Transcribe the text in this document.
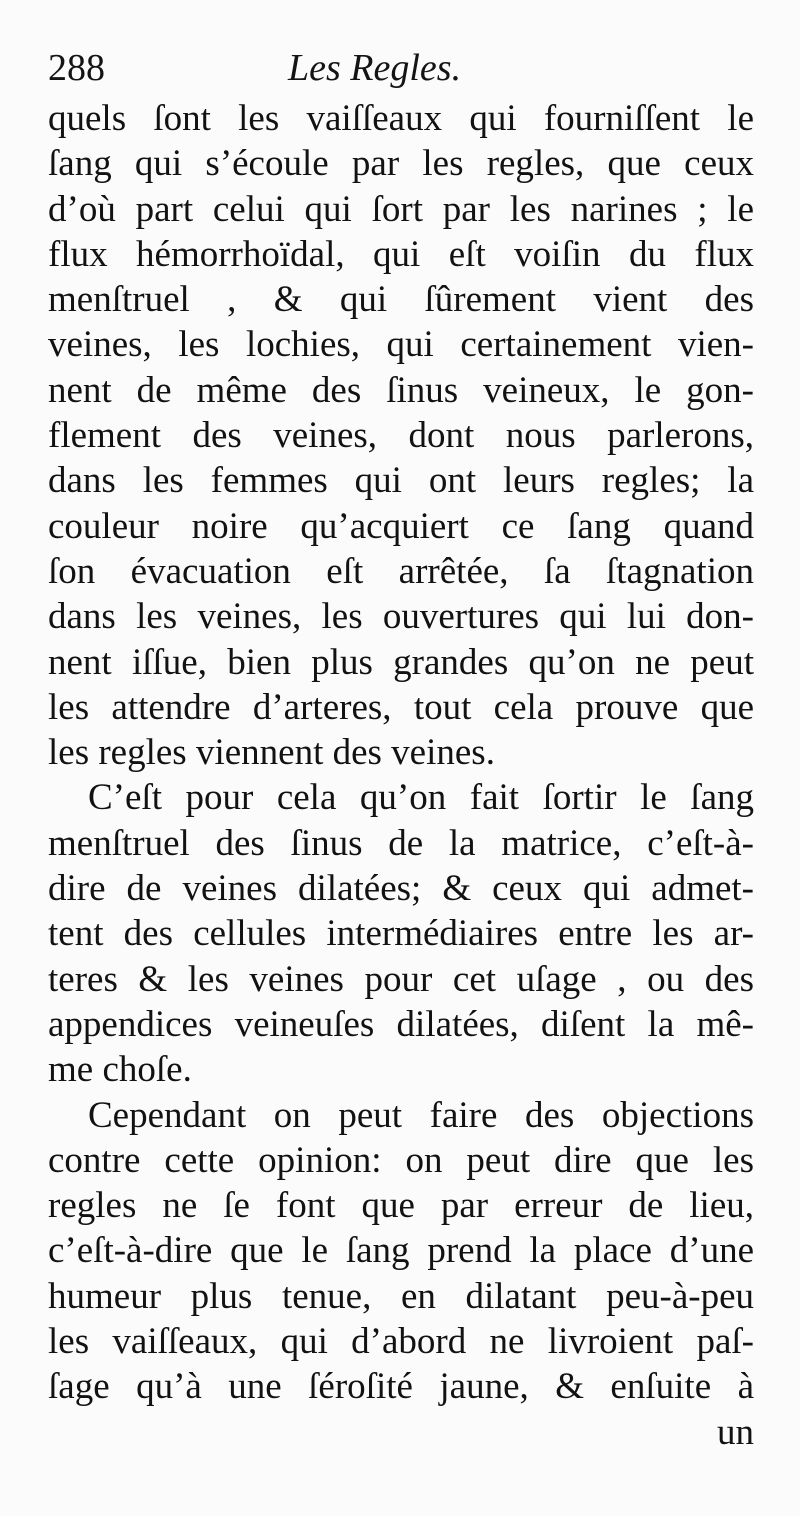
288	Les Regles.
quels ſont les vaiſſeaux qui fourniſſent le
ſang qui s’écoule par les regles, que ceux
d’où part celui qui ſort par les narines ; le
flux hémorrhoïdal, qui eſt voiſin du flux
menſtruel , & qui ſûrement vient des
veines, les lochies, qui certainement vien-
nent de même des ſinus veineux, le gon-
flement des veines, dont nous parlerons,
dans les femmes qui ont leurs regles; la
couleur noire qu’acquiert ce ſang quand
ſon évacuation eſt arrêtée, ſa ſtagnation
dans les veines, les ouvertures qui lui don-
nent iſſue, bien plus grandes qu’on ne peut
les attendre d’arteres, tout cela prouve que
les regles viennent des veines.
C’eſt pour cela qu’on fait ſortir le ſang
menſtruel des ſinus de la matrice, c’eſt-à-
dire de veines dilatées; & ceux qui admet-
tent des cellules intermédiaires entre les ar-
teres & les veines pour cet uſage , ou des
appendices veineuſes dilatées, diſent la mê-
me choſe.
Cependant on peut faire des objections
contre cette opinion: on peut dire que les
regles ne ſe font que par erreur de lieu,
c’eſt-à-dire que le ſang prend la place d’une
humeur plus tenue, en dilatant peu-à-peu
les vaiſſeaux, qui d’abord ne livroient paſ-
ſage qu’à une ſéroſité jaune, & enſuite à
un
